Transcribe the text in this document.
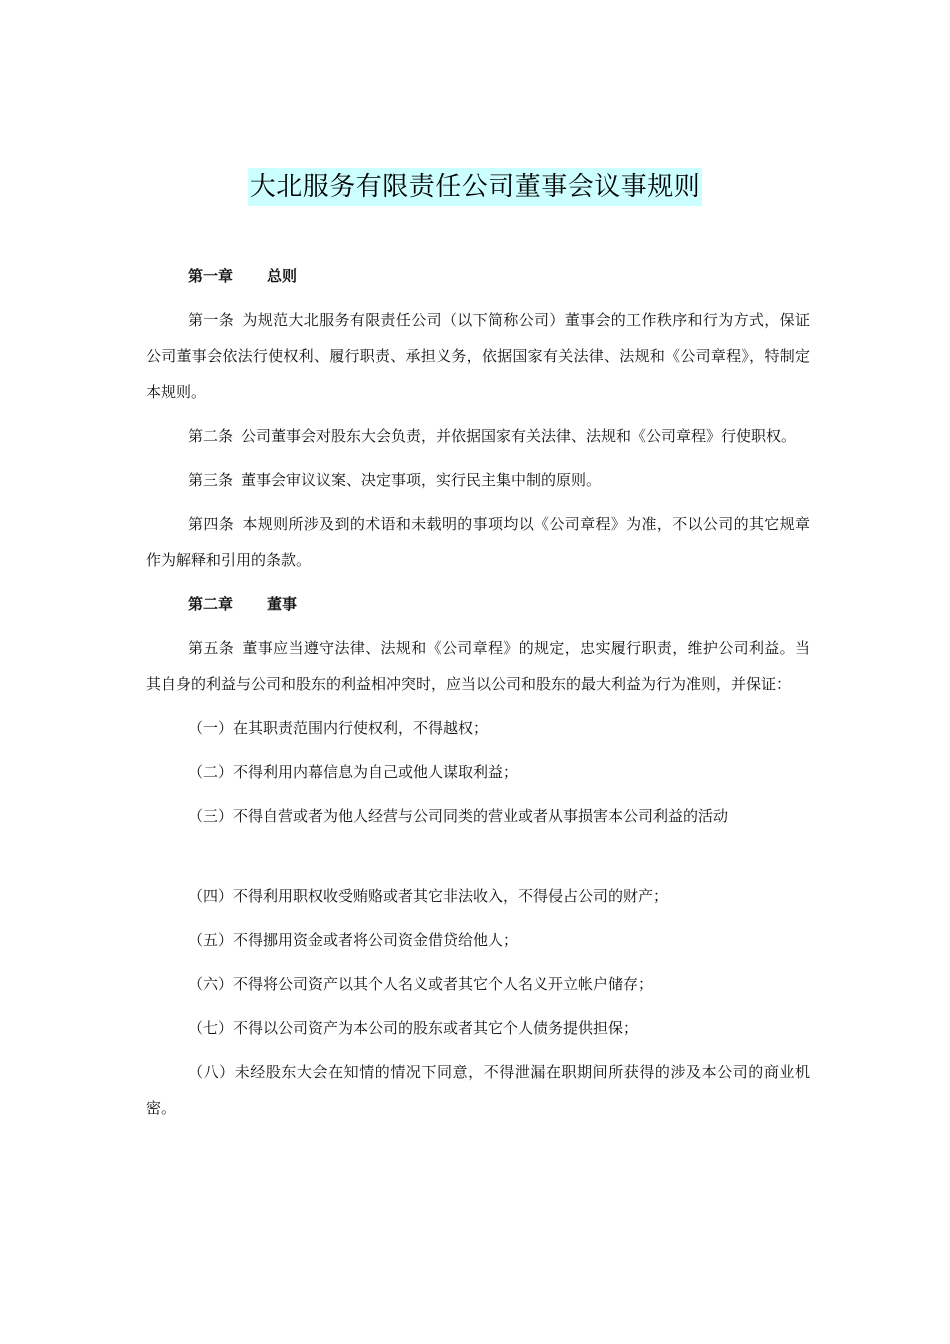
大北服务有限责任公司董事会议事规则
第一章 总则

第一条 为规范大北服务有限责任公司（以下简称公司）董事会的工作秩序和行为方式，保证公司董事会依法行使权利、履行职责、承担义务，依据国家有关法律、法规和《公司章程》，特制定本规则。

第二条 公司董事会对股东大会负责，并依据国家有关法律、法规和《公司章程》行使职权。

第三条 董事会审议议案、决定事项，实行民主集中制的原则。

第四条 本规则所涉及到的术语和未载明的事项均以《公司章程》为准，不以公司的其它规章作为解释和引用的条款。

第二章 董事

第五条 董事应当遵守法律、法规和《公司章程》的规定，忠实履行职责，维护公司利益。当其自身的利益与公司和股东的利益相冲突时，应当以公司和股东的最大利益为行为准则，并保证：

（一）在其职责范围内行使权利，不得越权；

（二）不得利用内幕信息为自己或他人谋取利益；

（三）不得自营或者为他人经营与公司同类的营业或者从事损害本公司利益的活动

（四）不得利用职权收受贿赂或者其它非法收入，不得侵占公司的财产；

（五）不得挪用资金或者将公司资金借贷给他人；

（六）不得将公司资产以其个人名义或者其它个人名义开立帐户储存；

（七）不得以公司资产为本公司的股东或者其它个人债务提供担保；

（八）未经股东大会在知情的情况下同意，不得泄漏在职期间所获得的涉及本公司的商业机密。
